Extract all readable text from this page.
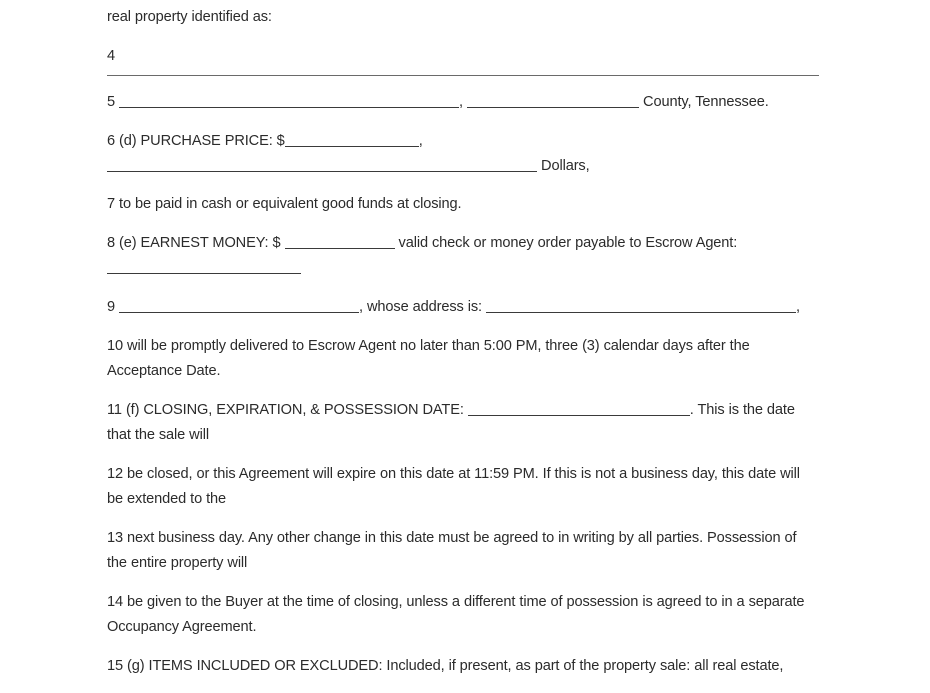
real property identified as:

4

5	,	County, Tennessee.

6 (d) PURCHASE PRICE: $	,
Dollars,

7 to be paid in cash or equivalent good funds at closing.

8 (e) EARNEST MONEY: $	valid check or money order payable to Escrow Agent:

9	, whose address is:	,

10 will be promptly delivered to Escrow Agent no later than 5:00 PM, three (3) calendar days after the Acceptance Date.

11 (f) CLOSING, EXPIRATION, & POSSESSION DATE:	. This is the date that the sale will

12 be closed, or this Agreement will expire on this date at 11:59 PM. If this is not a business day, this date will be extended to the

13 next business day. Any other change in this date must be agreed to in writing by all parties. Possession of the entire property will

14 be given to the Buyer at the time of closing, unless a different time of possession is agreed to in a separate Occupancy Agreement.

15 (g) ITEMS INCLUDED OR EXCLUDED: Included, if present, as part of the property sale: all real estate,
